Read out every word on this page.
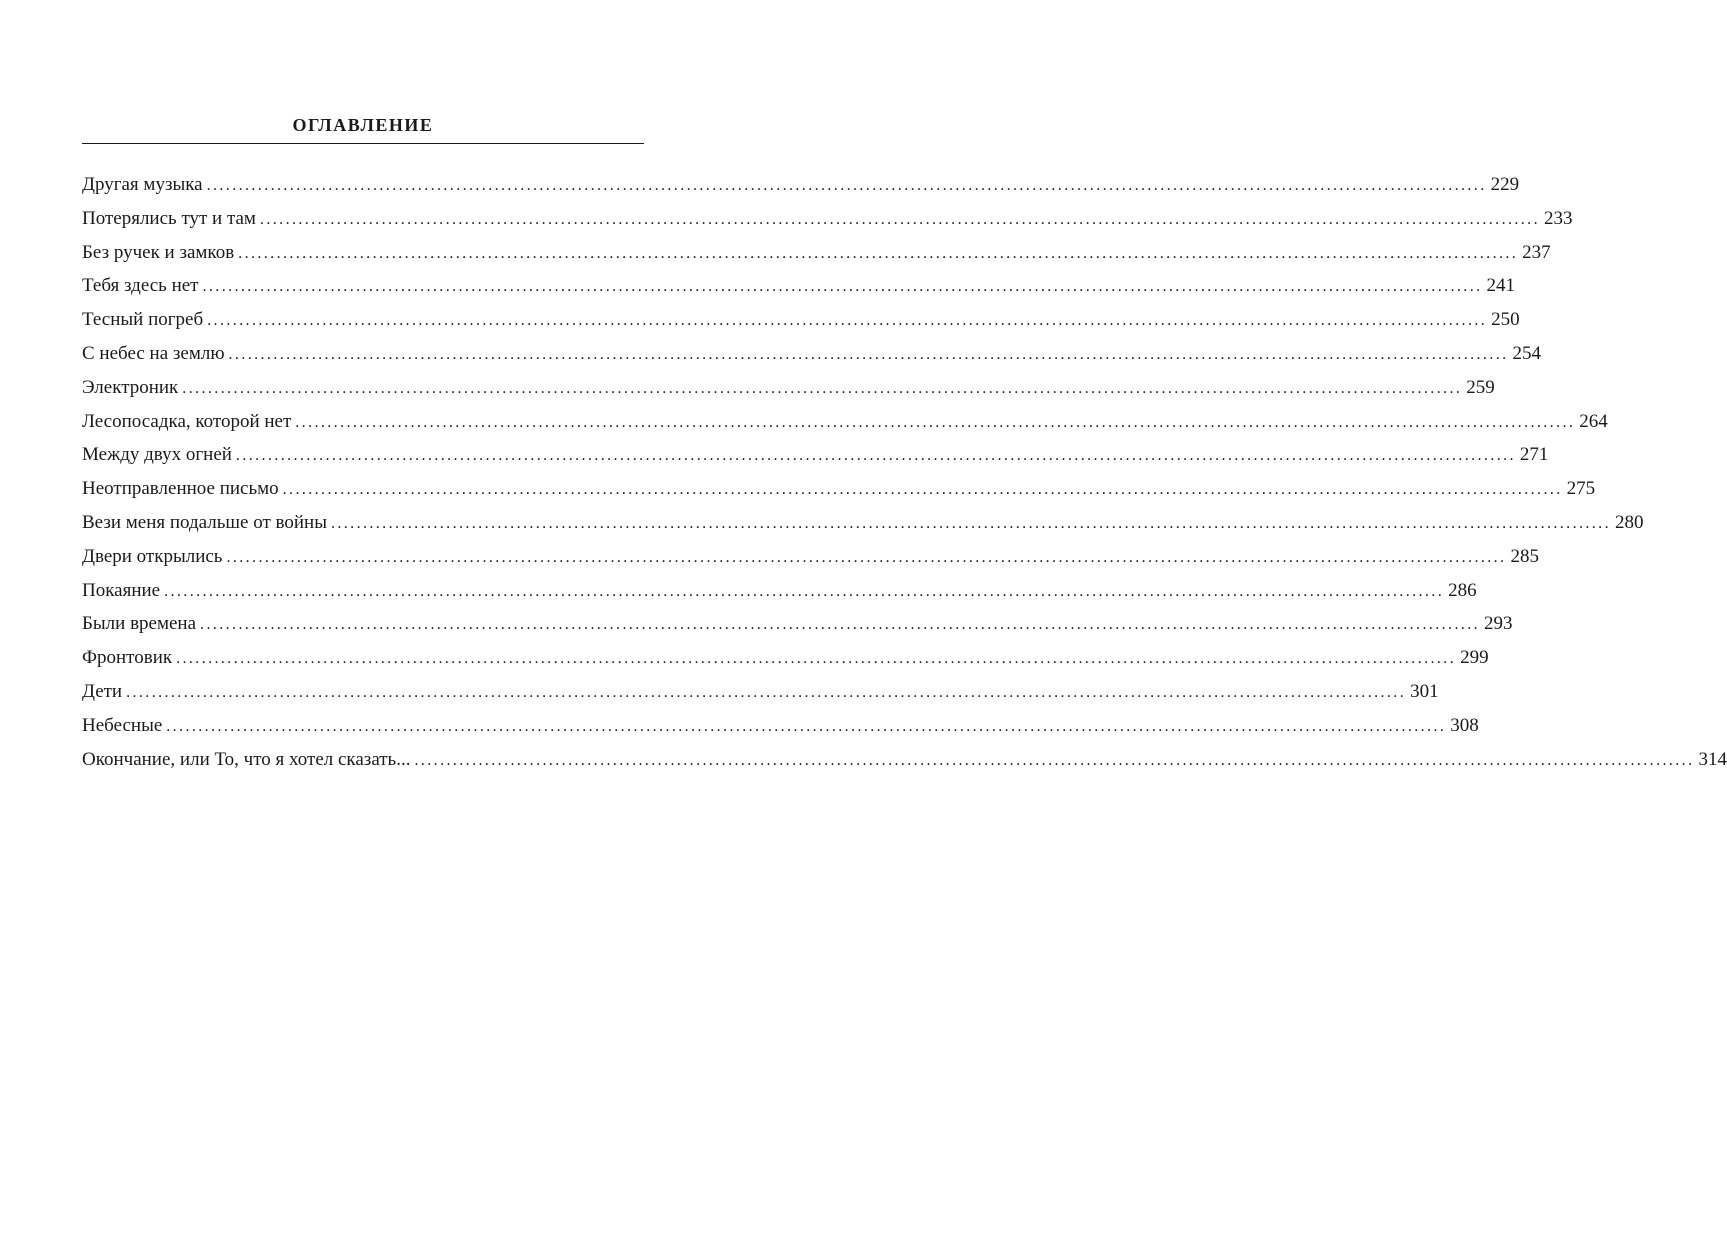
ОГЛАВЛЕНИЕ
Другая музыка ........................................................................................................................................................................................................ 229
Потерялись тут и там ........................................................................................................................................................................................................ 233
Без ручек и замков ........................................................................................................................................................................................................ 237
Тебя здесь нет ........................................................................................................................................................................................................ 241
Тесный погреб ........................................................................................................................................................................................................ 250
С небес на землю ........................................................................................................................................................................................................ 254
Электроник ........................................................................................................................................................................................................ 259
Лесопосадка, которой нет ........................................................................................................................................................................................................ 264
Между двух огней ........................................................................................................................................................................................................ 271
Неотправленное письмо ........................................................................................................................................................................................................ 275
Вези меня подальше от войны ........................................................................................................................................................................................................ 280
Двери открылись ........................................................................................................................................................................................................ 285
Покаяние ........................................................................................................................................................................................................ 286
Были времена ........................................................................................................................................................................................................ 293
Фронтовик ........................................................................................................................................................................................................ 299
Дети ........................................................................................................................................................................................................ 301
Небесные ........................................................................................................................................................................................................ 308
Окончание, или То, что я хотел сказать... ........................................................................................................................................................................................................ 314
